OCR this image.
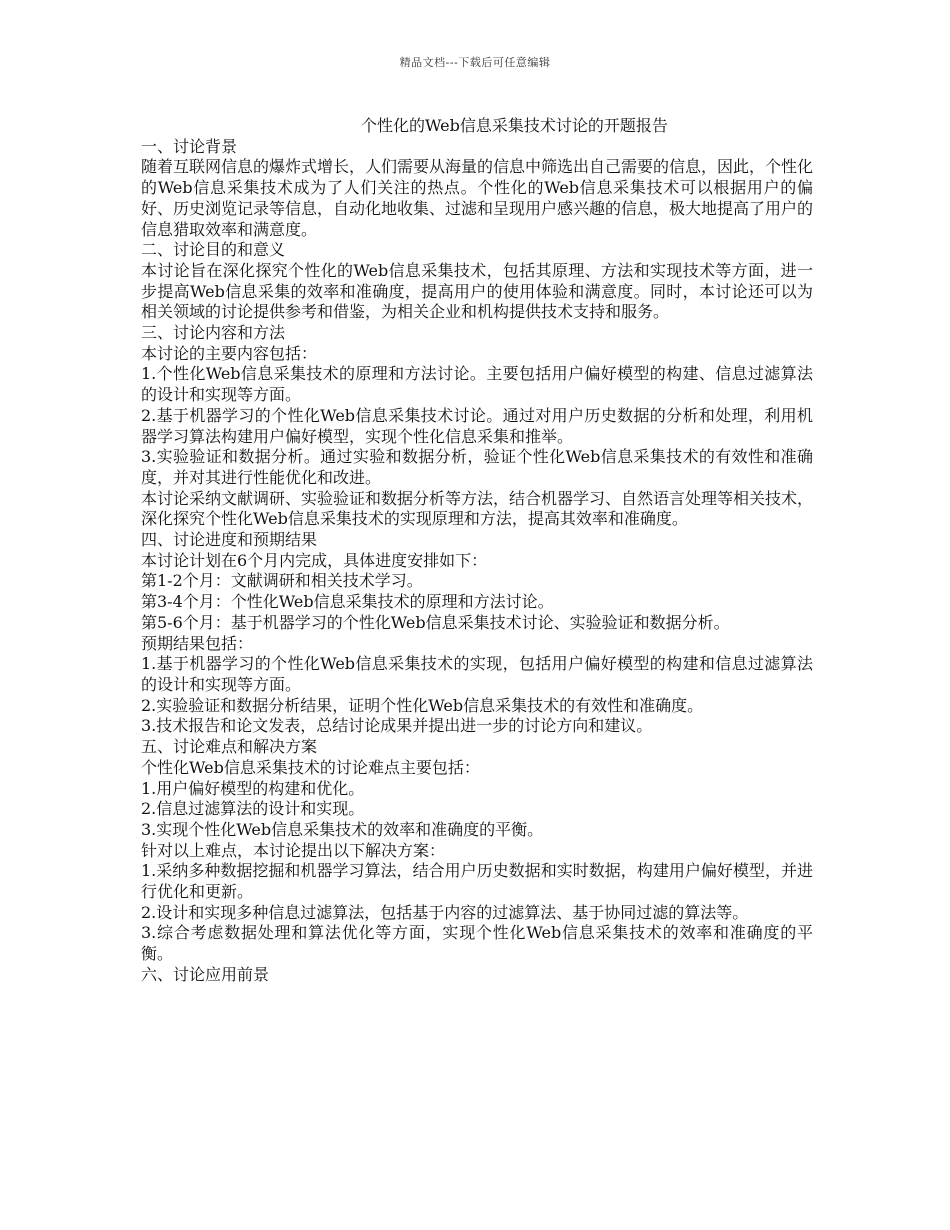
精品文档---下载后可任意编辑
个性化的Web信息采集技术讨论的开题报告

一、讨论背景

随着互联网信息的爆炸式增长，人们需要从海量的信息中筛选出自己需要的信息，因此，个性化的Web信息采集技术成为了人们关注的热点。个性化的Web信息采集技术可以根据用户的偏好、历史浏览记录等信息，自动化地收集、过滤和呈现用户感兴趣的信息，极大地提高了用户的信息猎取效率和满意度。

二、讨论目的和意义

本讨论旨在深化探究个性化的Web信息采集技术，包括其原理、方法和实现技术等方面，进一步提高Web信息采集的效率和准确度，提高用户的使用体验和满意度。同时，本讨论还可以为相关领域的讨论提供参考和借鉴，为相关企业和机构提供技术支持和服务。

三、讨论内容和方法

本讨论的主要内容包括：

1.个性化Web信息采集技术的原理和方法讨论。主要包括用户偏好模型的构建、信息过滤算法的设计和实现等方面。

2.基于机器学习的个性化Web信息采集技术讨论。通过对用户历史数据的分析和处理，利用机器学习算法构建用户偏好模型，实现个性化信息采集和推举。

3.实验验证和数据分析。通过实验和数据分析，验证个性化Web信息采集技术的有效性和准确度，并对其进行性能优化和改进。

本讨论采纳文献调研、实验验证和数据分析等方法，结合机器学习、自然语言处理等相关技术，深化探究个性化Web信息采集技术的实现原理和方法，提高其效率和准确度。

四、讨论进度和预期结果

本讨论计划在6个月内完成，具体进度安排如下：

第1-2个月：文献调研和相关技术学习。

第3-4个月：个性化Web信息采集技术的原理和方法讨论。

第5-6个月：基于机器学习的个性化Web信息采集技术讨论、实验验证和数据分析。

预期结果包括：

1.基于机器学习的个性化Web信息采集技术的实现，包括用户偏好模型的构建和信息过滤算法的设计和实现等方面。

2.实验验证和数据分析结果，证明个性化Web信息采集技术的有效性和准确度。

3.技术报告和论文发表，总结讨论成果并提出进一步的讨论方向和建议。

五、讨论难点和解决方案

个性化Web信息采集技术的讨论难点主要包括：

1.用户偏好模型的构建和优化。

2.信息过滤算法的设计和实现。

3.实现个性化Web信息采集技术的效率和准确度的平衡。

针对以上难点，本讨论提出以下解决方案：

1.采纳多种数据挖掘和机器学习算法，结合用户历史数据和实时数据，构建用户偏好模型，并进行优化和更新。

2.设计和实现多种信息过滤算法，包括基于内容的过滤算法、基于协同过滤的算法等。

3.综合考虑数据处理和算法优化等方面，实现个性化Web信息采集技术的效率和准确度的平衡。

六、讨论应用前景
